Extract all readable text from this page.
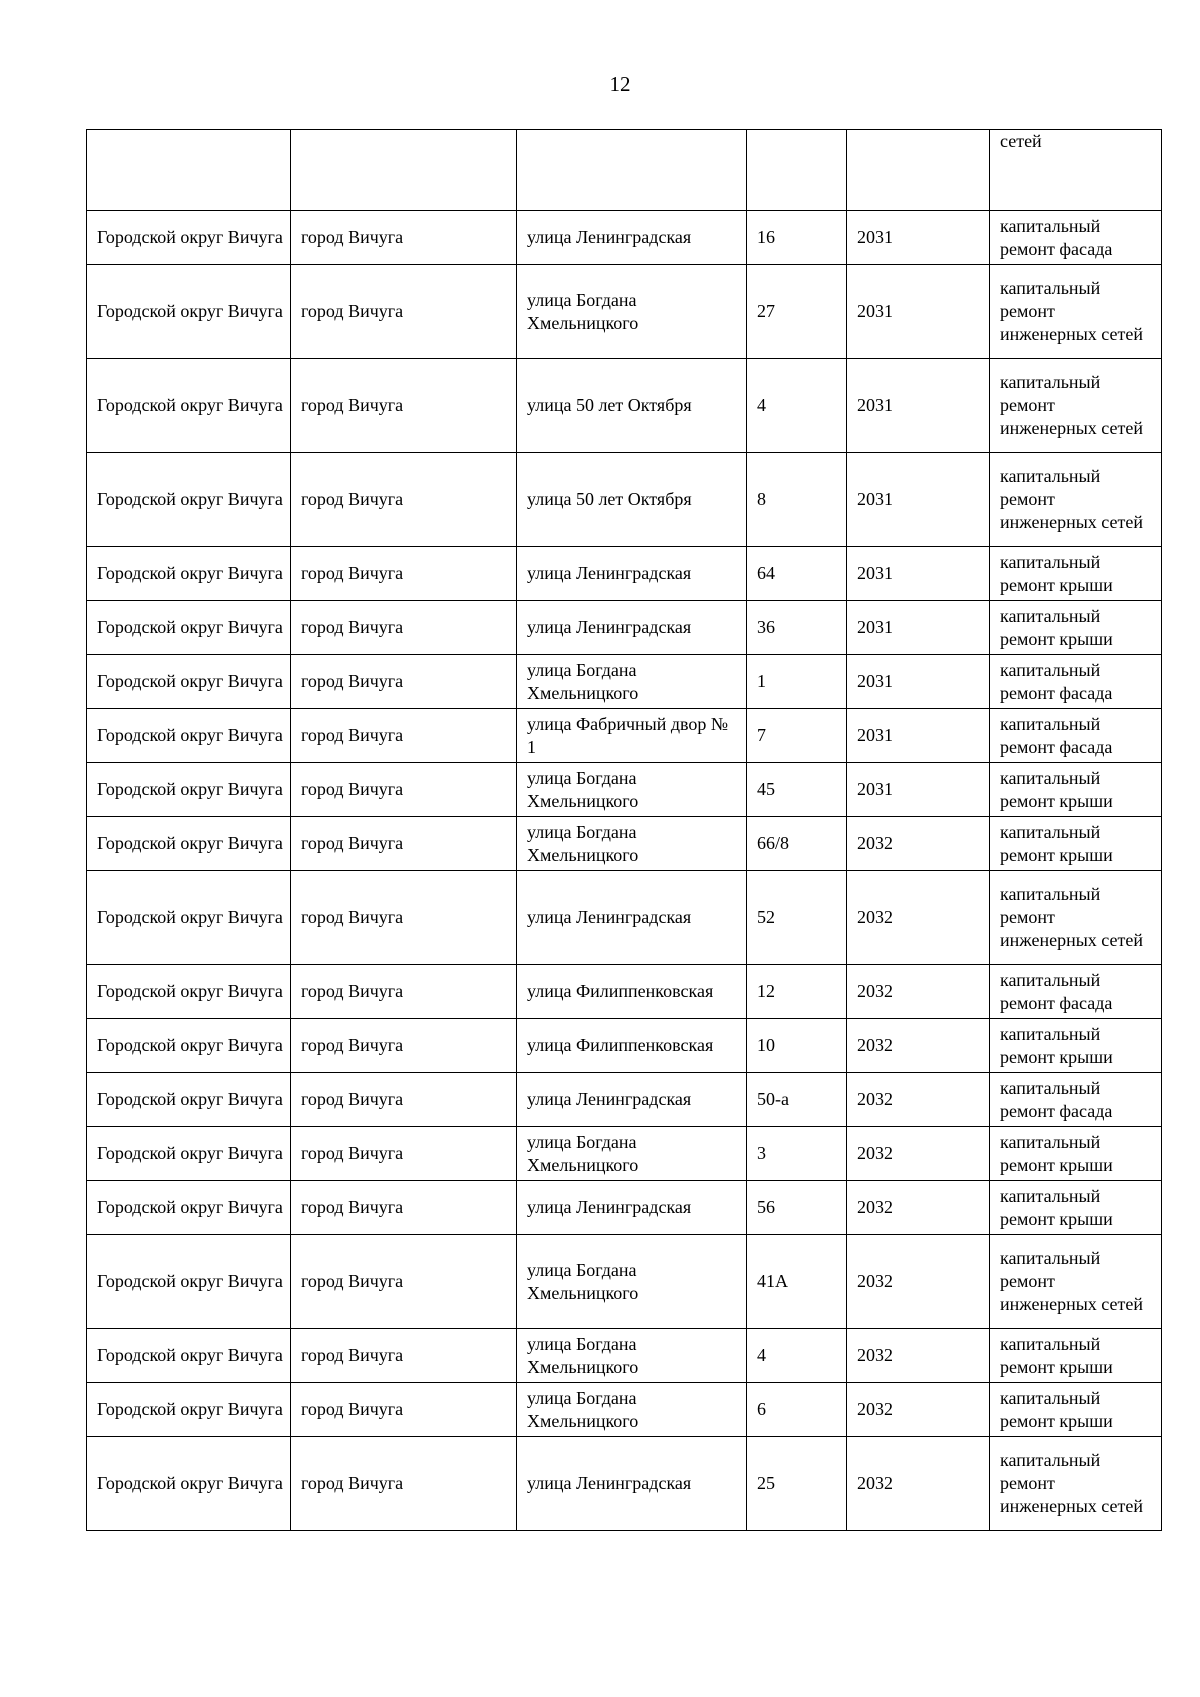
12
					сетей
Городской округ Вичуга	город Вичуга	улица Ленинградская	16	2031	капитальный ремонт фасада
Городской округ Вичуга	город Вичуга	улица Богдана Хмельницкого	27	2031	капитальный ремонт инженерных сетей
Городской округ Вичуга	город Вичуга	улица 50 лет Октября	4	2031	капитальный ремонт инженерных сетей
Городской округ Вичуга	город Вичуга	улица 50 лет Октября	8	2031	капитальный ремонт инженерных сетей
Городской округ Вичуга	город Вичуга	улица Ленинградская	64	2031	капитальный ремонт крыши
Городской округ Вичуга	город Вичуга	улица Ленинградская	36	2031	капитальный ремонт крыши
Городской округ Вичуга	город Вичуга	улица Богдана Хмельницкого	1	2031	капитальный ремонт фасада
Городской округ Вичуга	город Вичуга	улица Фабричный двор № 1	7	2031	капитальный ремонт фасада
Городской округ Вичуга	город Вичуга	улица Богдана Хмельницкого	45	2031	капитальный ремонт крыши
Городской округ Вичуга	город Вичуга	улица Богдана Хмельницкого	66/8	2032	капитальный ремонт крыши
Городской округ Вичуга	город Вичуга	улица Ленинградская	52	2032	капитальный ремонт инженерных сетей
Городской округ Вичуга	город Вичуга	улица Филиппенковская	12	2032	капитальный ремонт фасада
Городской округ Вичуга	город Вичуга	улица Филиппенковская	10	2032	капитальный ремонт крыши
Городской округ Вичуга	город Вичуга	улица Ленинградская	50-а	2032	капитальный ремонт фасада
Городской округ Вичуга	город Вичуга	улица Богдана Хмельницкого	3	2032	капитальный ремонт крыши
Городской округ Вичуга	город Вичуга	улица Ленинградская	56	2032	капитальный ремонт крыши
Городской округ Вичуга	город Вичуга	улица Богдана Хмельницкого	41А	2032	капитальный ремонт инженерных сетей
Городской округ Вичуга	город Вичуга	улица Богдана Хмельницкого	4	2032	капитальный ремонт крыши
Городской округ Вичуга	город Вичуга	улица Богдана Хмельницкого	6	2032	капитальный ремонт крыши
Городской округ Вичуга	город Вичуга	улица Ленинградская	25	2032	капитальный ремонт инженерных сетей
